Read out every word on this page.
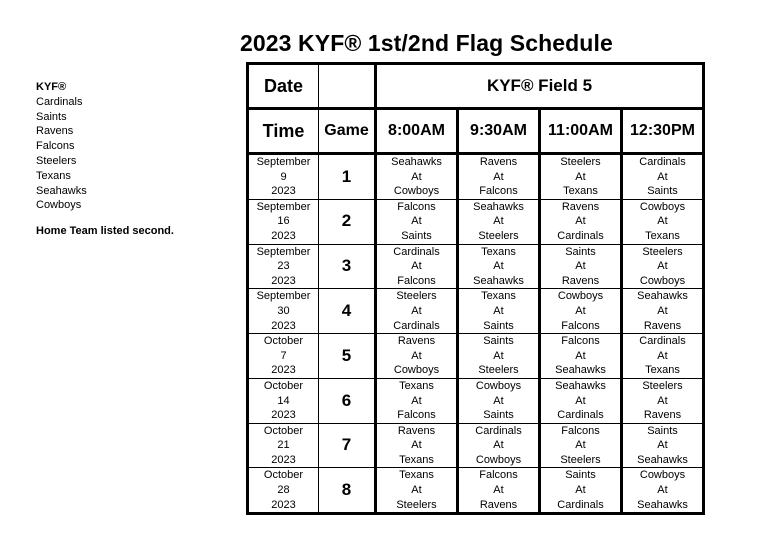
2023 KYF® 1st/2nd Flag Schedule
KYF®
Cardinals
Saints
Ravens
Falcons
Steelers
Texans
Seahawks
Cowboys
Home Team listed second.
Date		KYF® Field 5			
Time	Game	8:00AM	9:30AM	11:00AM	12:30PM

September
9
2023	1	Seahawks
At
Cowboys	Ravens
At
Falcons	Steelers
At
Texans	Cardinals
At
Saints

September
16
2023	2	Falcons
At
Saints	Seahawks
At
Steelers	Ravens
At
Cardinals	Cowboys
At
Texans

September
23
2023	3	Cardinals
At
Falcons	Texans
At
Seahawks	Saints
At
Ravens	Steelers
At
Cowboys

September
30
2023	4	Steelers
At
Cardinals	Texans
At
Saints	Cowboys
At
Falcons	Seahawks
At
Ravens

October
7
2023	5	Ravens
At
Cowboys	Saints
At
Steelers	Falcons
At
Seahawks	Cardinals
At
Texans

October
14
2023	6	Texans
At
Falcons	Cowboys
At
Saints	Seahawks
At
Cardinals	Steelers
At
Ravens

October
21
2023	7	Ravens
At
Texans	Cardinals
At
Cowboys	Falcons
At
Steelers	Saints
At
Seahawks

October
28
2023	8	Texans
At
Steelers	Falcons
At
Ravens	Saints
At
Cardinals	Cowboys
At
Seahawks
